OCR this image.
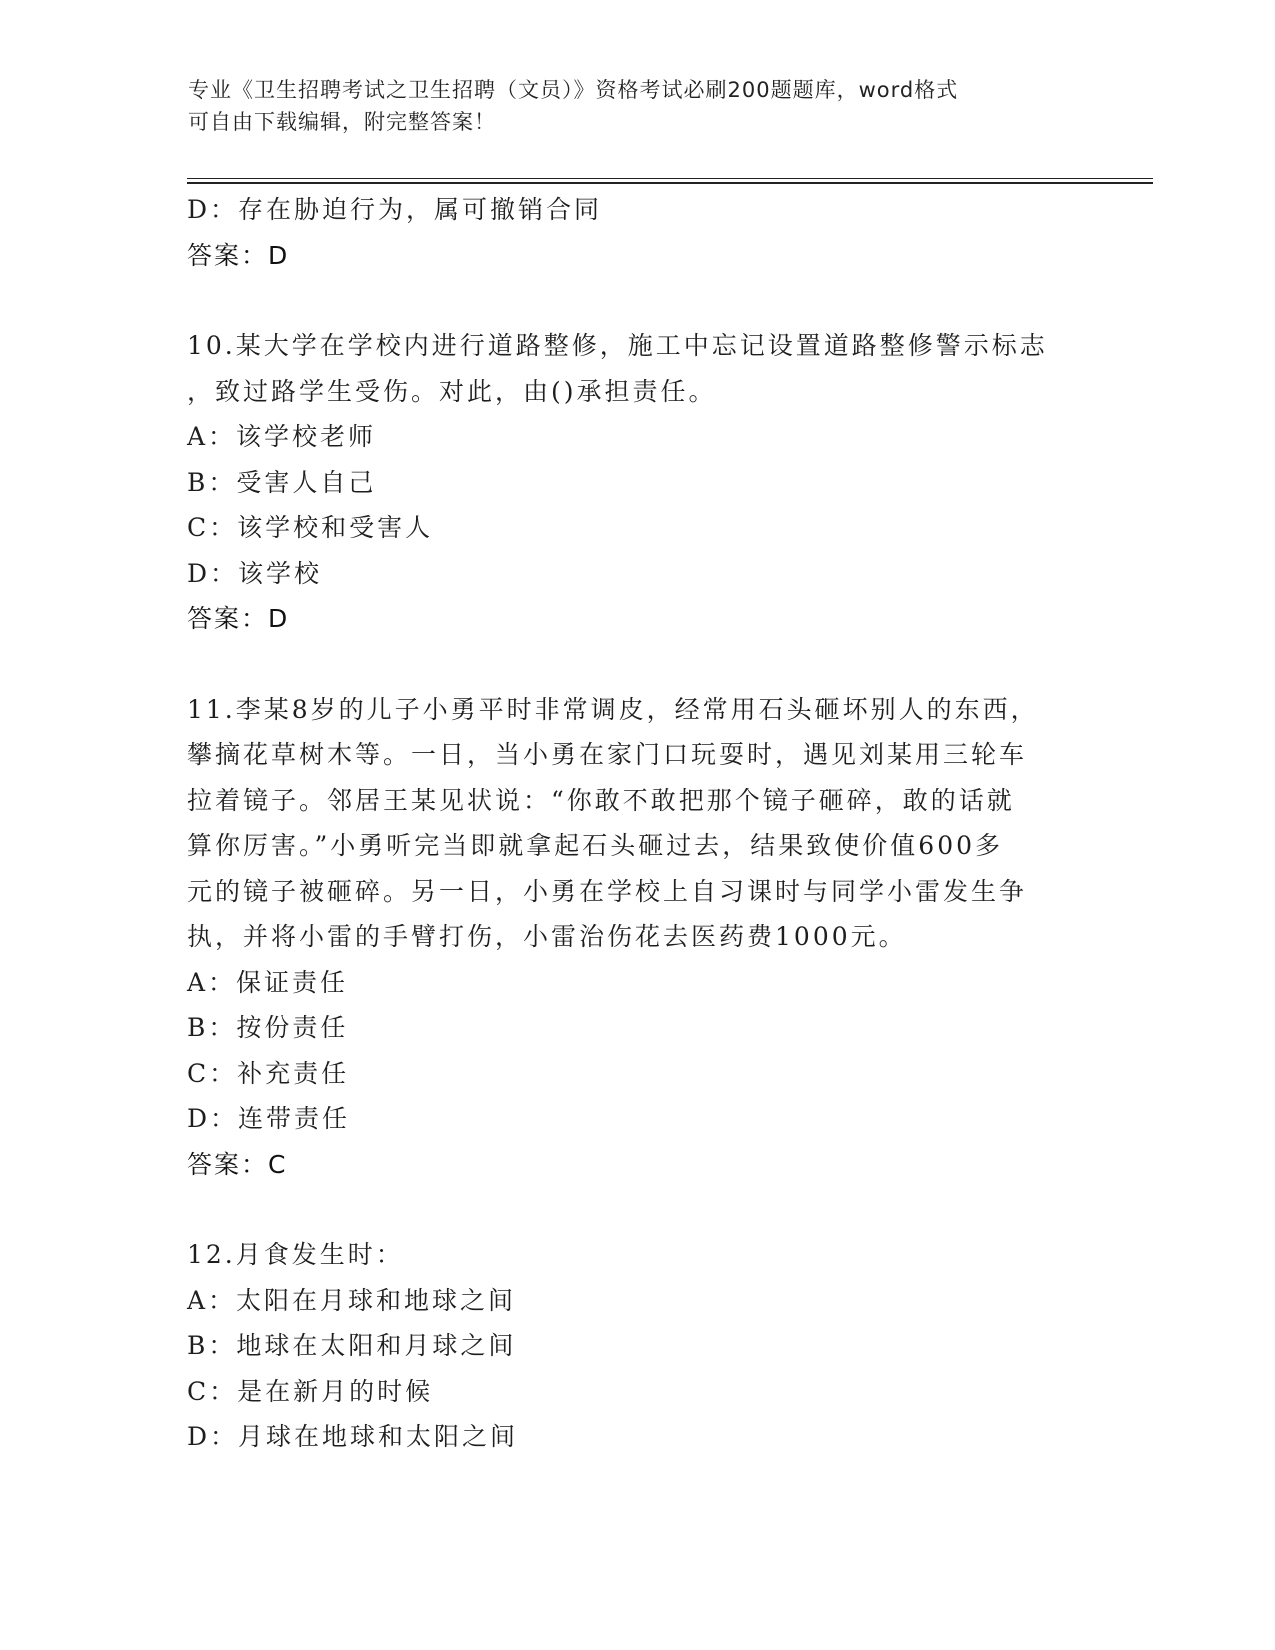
专业《卫生招聘考试之卫生招聘（文员）》资格考试必刷200题题库，word格式
可自由下载编辑，附完整答案！
D：存在胁迫行为，属可撤销合同
答案：D
10.某大学在学校内进行道路整修，施工中忘记设置道路整修警示标志
，致过路学生受伤。对此，由()承担责任。
A：该学校老师
B：受害人自己
C：该学校和受害人
D：该学校
答案：D
11.李某8岁的儿子小勇平时非常调皮，经常用石头砸坏别人的东西，
攀摘花草树木等。一日，当小勇在家门口玩耍时，遇见刘某用三轮车
拉着镜子。邻居王某见状说：“你敢不敢把那个镜子砸碎，敢的话就
算你厉害。”小勇听完当即就拿起石头砸过去，结果致使价值600多
元的镜子被砸碎。另一日，小勇在学校上自习课时与同学小雷发生争
执，并将小雷的手臂打伤，小雷治伤花去医药费1000元。
A：保证责任
B：按份责任
C：补充责任
D：连带责任
答案：C
12.月食发生时：
A：太阳在月球和地球之间
B：地球在太阳和月球之间
C：是在新月的时候
D：月球在地球和太阳之间
